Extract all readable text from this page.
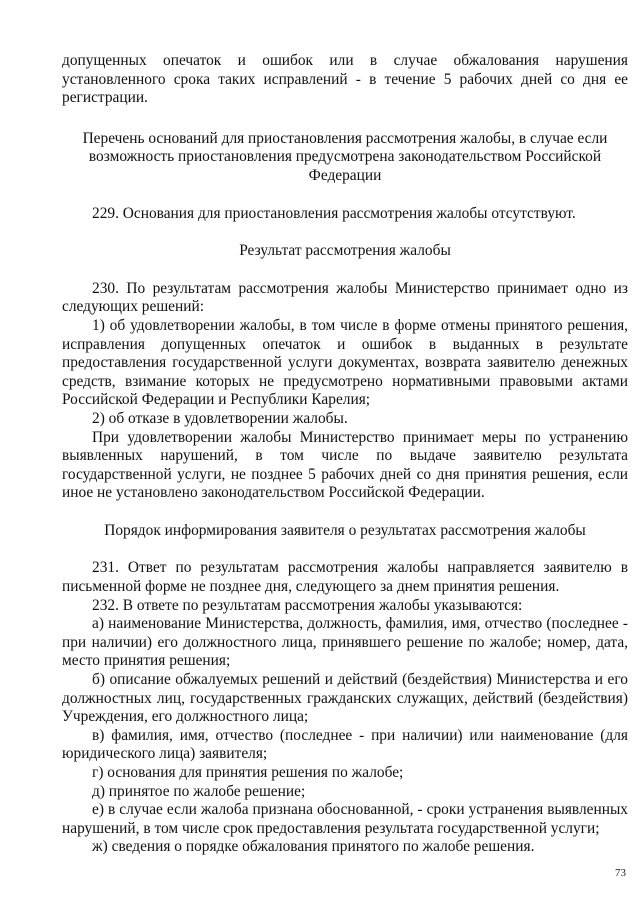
допущенных опечаток и ошибок или в случае обжалования нарушения установленного срока таких исправлений - в течение 5 рабочих дней со дня ее регистрации.

Перечень оснований для приостановления рассмотрения жалобы, в случае если возможность приостановления предусмотрена законодательством Российской Федерации

229. Основания для приостановления рассмотрения жалобы отсутствуют.

Результат рассмотрения жалобы

230. По результатам рассмотрения жалобы Министерство принимает одно из следующих решений:

1) об удовлетворении жалобы, в том числе в форме отмены принятого решения, исправления допущенных опечаток и ошибок в выданных в результате предоставления государственной услуги документах, возврата заявителю денежных средств, взимание которых не предусмотрено нормативными правовыми актами Российской Федерации и Республики Карелия;

2) об отказе в удовлетворении жалобы.

При удовлетворении жалобы Министерство принимает меры по устранению выявленных нарушений, в том числе по выдаче заявителю результата государственной услуги, не позднее 5 рабочих дней со дня принятия решения, если иное не установлено законодательством Российской Федерации.

Порядок информирования заявителя о результатах рассмотрения жалобы

231. Ответ по результатам рассмотрения жалобы направляется заявителю в письменной форме не позднее дня, следующего за днем принятия решения.

232. В ответе по результатам рассмотрения жалобы указываются:

а) наименование Министерства, должность, фамилия, имя, отчество (последнее - при наличии) его должностного лица, принявшего решение по жалобе; номер, дата, место принятия решения;

б) описание обжалуемых решений и действий (бездействия) Министерства и его должностных лиц, государственных гражданских служащих, действий (бездействия) Учреждения, его должностного лица;

в) фамилия, имя, отчество (последнее - при наличии) или наименование (для юридического лица) заявителя;

г) основания для принятия решения по жалобе;

д) принятое по жалобе решение;

е) в случае если жалоба признана обоснованной, - сроки устранения выявленных нарушений, в том числе срок предоставления результата государственной услуги;

ж) сведения о порядке обжалования принятого по жалобе решения.

73
